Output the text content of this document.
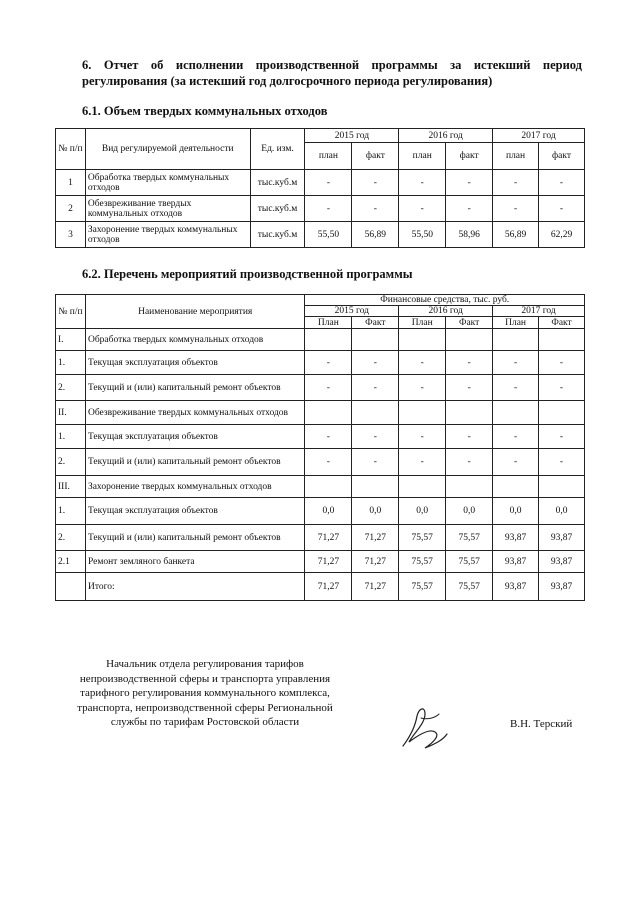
6. Отчет об исполнении производственной программы за истекший период регулирования (за истекший год долгосрочного периода регулирования)
6.1. Объем твердых коммунальных отходов
№ п/п	Вид регулируемой деятельности	Ед. изм.	2015 год		2016 год		2017 год	
			план	факт	план	факт	план	факт
1	Обработка твердых коммунальных отходов	тыс.куб.м	-	-	-	-	-	-
2	Обезвреживание твердых коммунальных отходов	тыс.куб.м	-	-	-	-	-	-
3	Захоронение твердых коммунальных отходов	тыс.куб.м	55,50	56,89	55,50	58,96	56,89	62,29
6.2. Перечень мероприятий производственной программы
№ п/п	Наименование мероприятия	Финансовые средства, тыс. руб.					
		2015 год		2016 год		2017 год	
		План	Факт	План	Факт	План	Факт
I.	Обработка твердых коммунальных отходов						
1.	Текущая эксплуатация объектов	-	-	-	-	-	-
2.	Текущий и (или) капитальный ремонт объектов	-	-	-	-	-	-
II.	Обезвреживание твердых коммунальных отходов						
1.	Текущая эксплуатация объектов	-	-	-	-	-	-
2.	Текущий и (или) капитальный ремонт объектов	-	-	-	-	-	-
III.	Захоронение твердых коммунальных отходов						
1.	Текущая эксплуатация объектов	0,0	0,0	0,0	0,0	0,0	0,0
2.	Текущий и (или) капитальный ремонт объектов	71,27	71,27	75,57	75,57	93,87	93,87
2.1	Ремонт земляного банкета	71,27	71,27	75,57	75,57	93,87	93,87
	Итого:	71,27	71,27	75,57	75,57	93,87	93,87
Начальник отдела регулирования тарифов
непроизводственной сферы и транспорта управления
тарифного регулирования коммунального комплекса,
транспорта, непроизводственной сферы Региональной
службы по тарифам Ростовской области	В.Н. Терский
